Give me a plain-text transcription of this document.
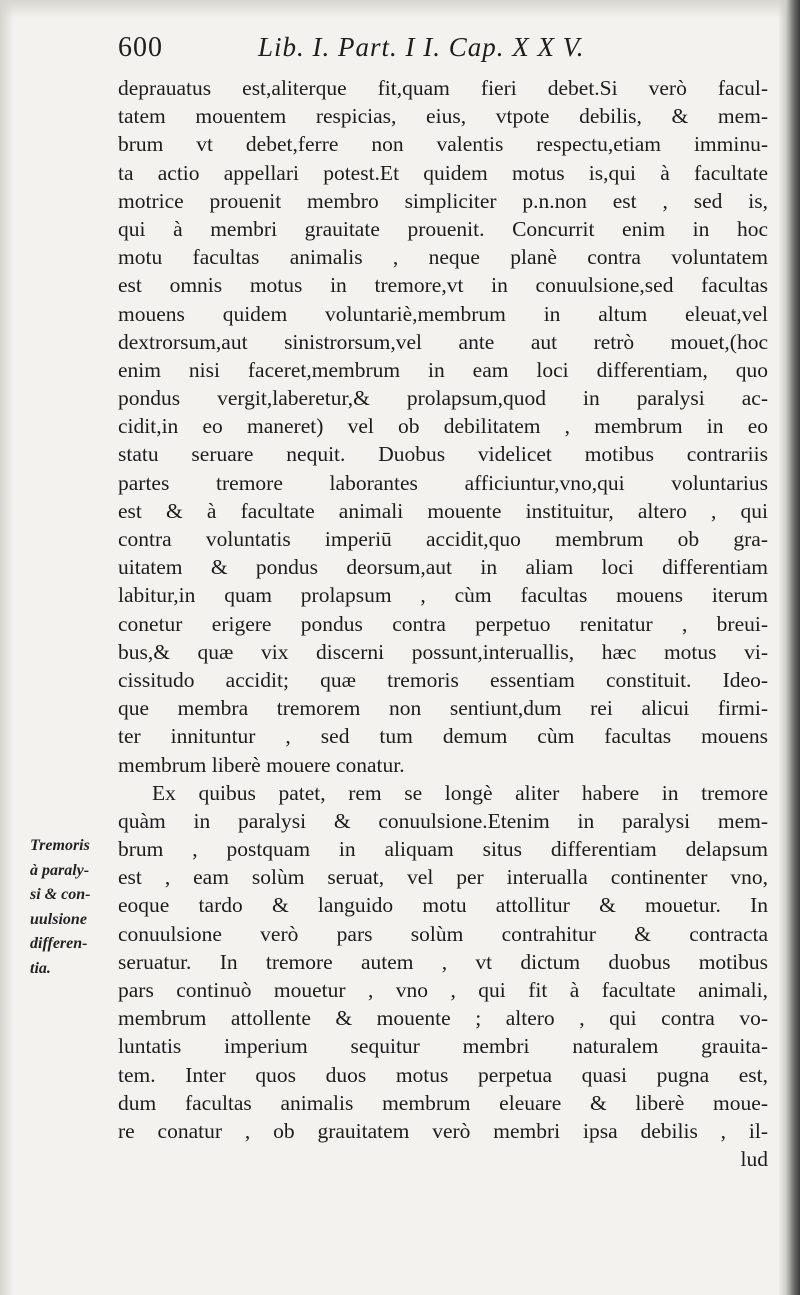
600	Lib. I. Part. I I. Cap. X X V.
Tremoris
à paraly-
si & con-
uulsione
differen-
tia.
deprauatus est,aliterque fit,quam fieri debet.Si verò facul-
tatem mouentem respicias, eius, vtpote debilis, & mem-
brum vt debet,ferre non valentis respectu,etiam imminu-
ta actio appellari potest.Et quidem motus is,qui à facultate
motrice prouenit membro simpliciter p.n.non est , sed is,
qui à membri grauitate prouenit. Concurrit enim in hoc
motu facultas animalis , neque planè contra voluntatem
est omnis motus in tremore,vt in conuulsione,sed facultas
mouens quidem voluntariè,membrum in altum eleuat,vel
dextrorsum,aut sinistrorsum,vel ante aut retrò mouet,(hoc
enim nisi faceret,membrum in eam loci differentiam, quo
pondus vergit,laberetur,& prolapsum,quod in paralysi ac-
cidit,in eo maneret) vel ob debilitatem , membrum in eo
statu seruare nequit. Duobus videlicet motibus contrariis
partes tremore laborantes afficiuntur,vno,qui voluntarius
est & à facultate animali mouente instituitur, altero , qui
contra voluntatis imperiū accidit,quo membrum ob gra-
uitatem & pondus deorsum,aut in aliam loci differentiam
labitur,in quam prolapsum , cùm facultas mouens iterum
conetur erigere pondus contra perpetuo renitatur , breui-
bus,& quæ vix discerni possunt,interuallis, hæc motus vi-
cissitudo accidit; quæ tremoris essentiam constituit. Ideo-
que membra tremorem non sentiunt,dum rei alicui firmi-
ter innituntur , sed tum demum cùm facultas mouens
membrum liberè mouere conatur.
Ex quibus patet, rem se longè aliter habere in tremore
quàm in paralysi & conuulsione.Etenim in paralysi mem-
brum , postquam in aliquam situs differentiam delapsum
est , eam solùm seruat, vel per interualla continenter vno,
eoque tardo & languido motu attollitur & mouetur. In
conuulsione verò pars solùm contrahitur & contracta
seruatur. In tremore autem , vt dictum duobus motibus
pars continuò mouetur , vno , qui fit à facultate animali,
membrum attollente & mouente ; altero , qui contra vo-
luntatis imperium sequitur membri naturalem grauita-
tem. Inter quos duos motus perpetua quasi pugna est,
dum facultas animalis membrum eleuare & liberè moue-
re conatur , ob grauitatem verò membri ipsa debilis , il-
lud
